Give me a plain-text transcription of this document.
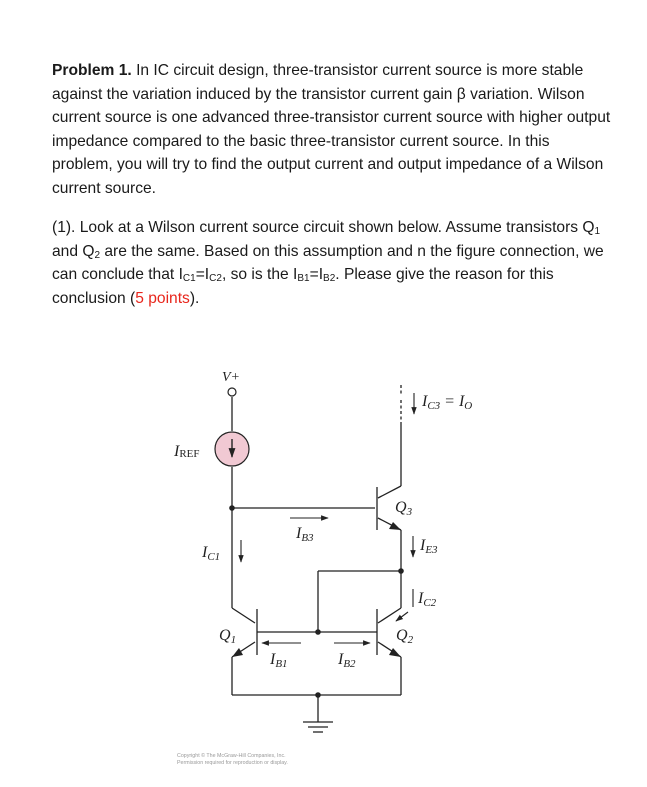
Problem 1. In IC circuit design, three-transistor current source is more stable against the variation induced by the transistor current gain β variation. Wilson current source is one advanced three-transistor current source with higher output impedance compared to the basic three-transistor current source. In this problem, you will try to find the output current and output impedance of a Wilson current source.

(1). Look at a Wilson current source circuit shown below. Assume transistors $Q_1$ and $Q_2$ are the same. Based on this assumption and n the figure connection, we can conclude that $I_{C1}=I_{C2}$, so is the $I_{B1}=I_{B2}$. Please give the reason for this conclusion (5 points).

V+
IREF
IC1
IB3
Q1
IB1	IB2
Q2
Q3
IC3 = IO
IE3
IC2
Copyright © The McGraw-Hill Companies, Inc.
Permission required for reproduction or display.
